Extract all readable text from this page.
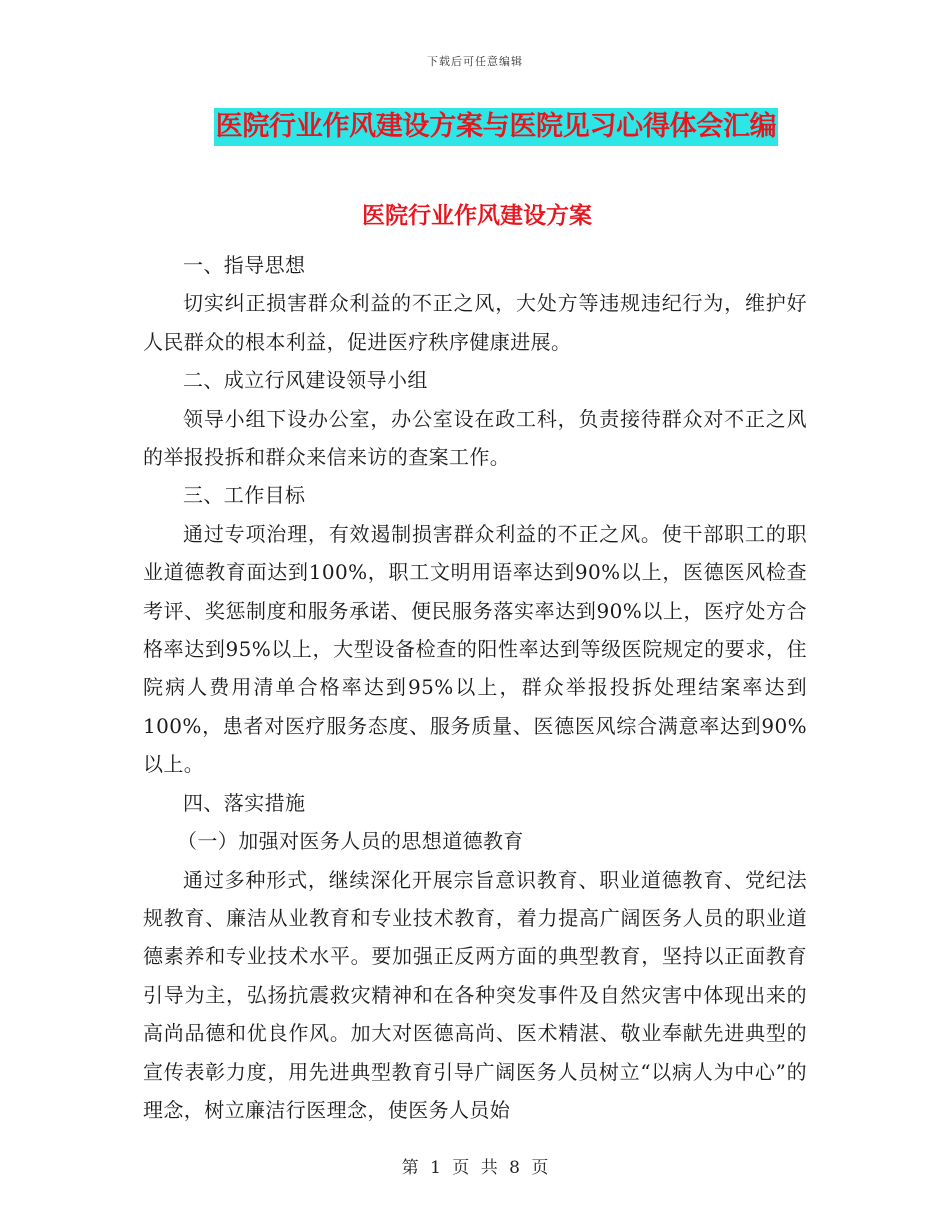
下载后可任意编辑
医院行业作风建设方案与医院见习心得体会汇编
医院行业作风建设方案

一、指导思想

切实纠正损害群众利益的不正之风，大处方等违规违纪行为，维护好人民群众的根本利益，促进医疗秩序健康进展。

二、成立行风建设领导小组

领导小组下设办公室，办公室设在政工科，负责接待群众对不正之风的举报投拆和群众来信来访的查案工作。

三、工作目标

通过专项治理，有效遏制损害群众利益的不正之风。使干部职工的职业道德教育面达到100%，职工文明用语率达到90%以上，医德医风检查考评、奖惩制度和服务承诺、便民服务落实率达到90%以上，医疗处方合格率达到95%以上，大型设备检查的阳性率达到等级医院规定的要求，住院病人费用清单合格率达到95%以上，群众举报投拆处理结案率达到100%，患者对医疗服务态度、服务质量、医德医风综合满意率达到90%以上。

四、落实措施

（一）加强对医务人员的思想道德教育

通过多种形式，继续深化开展宗旨意识教育、职业道德教育、党纪法规教育、廉洁从业教育和专业技术教育，着力提高广阔医务人员的职业道德素养和专业技术水平。要加强正反两方面的典型教育，坚持以正面教育引导为主，弘扬抗震救灾精神和在各种突发事件及自然灾害中体现出来的高尚品德和优良作风。加大对医德高尚、医术精湛、敬业奉献先进典型的宣传表彰力度，用先进典型教育引导广阔医务人员树立“以病人为中心”的理念，树立廉洁行医理念，使医务人员始

第 1 页 共 8 页
